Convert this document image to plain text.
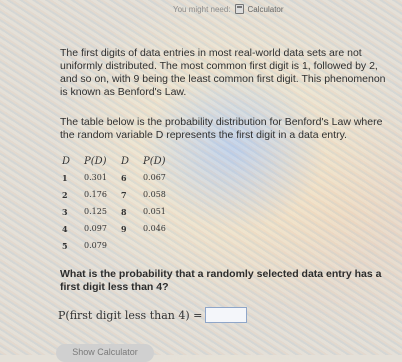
You might need: Calculator
The first digits of data entries in most real-world data sets are not uniformly distributed. The most common first digit is 1, followed by 2, and so on, with 9 being the least common first digit. This phenomenon is known as Benford's Law.
The table below is the probability distribution for Benford's Law where the random variable D represents the first digit in a data entry.
D	P(D)	D	P(D)
1	0.301	6	0.067
2	0.176	7	0.058
3	0.125	8	0.051
4	0.097	9	0.046
5	0.079		
What is the probability that a randomly selected data entry has a first digit less than 4?
P(first digit less than 4) =
Show Calculator
